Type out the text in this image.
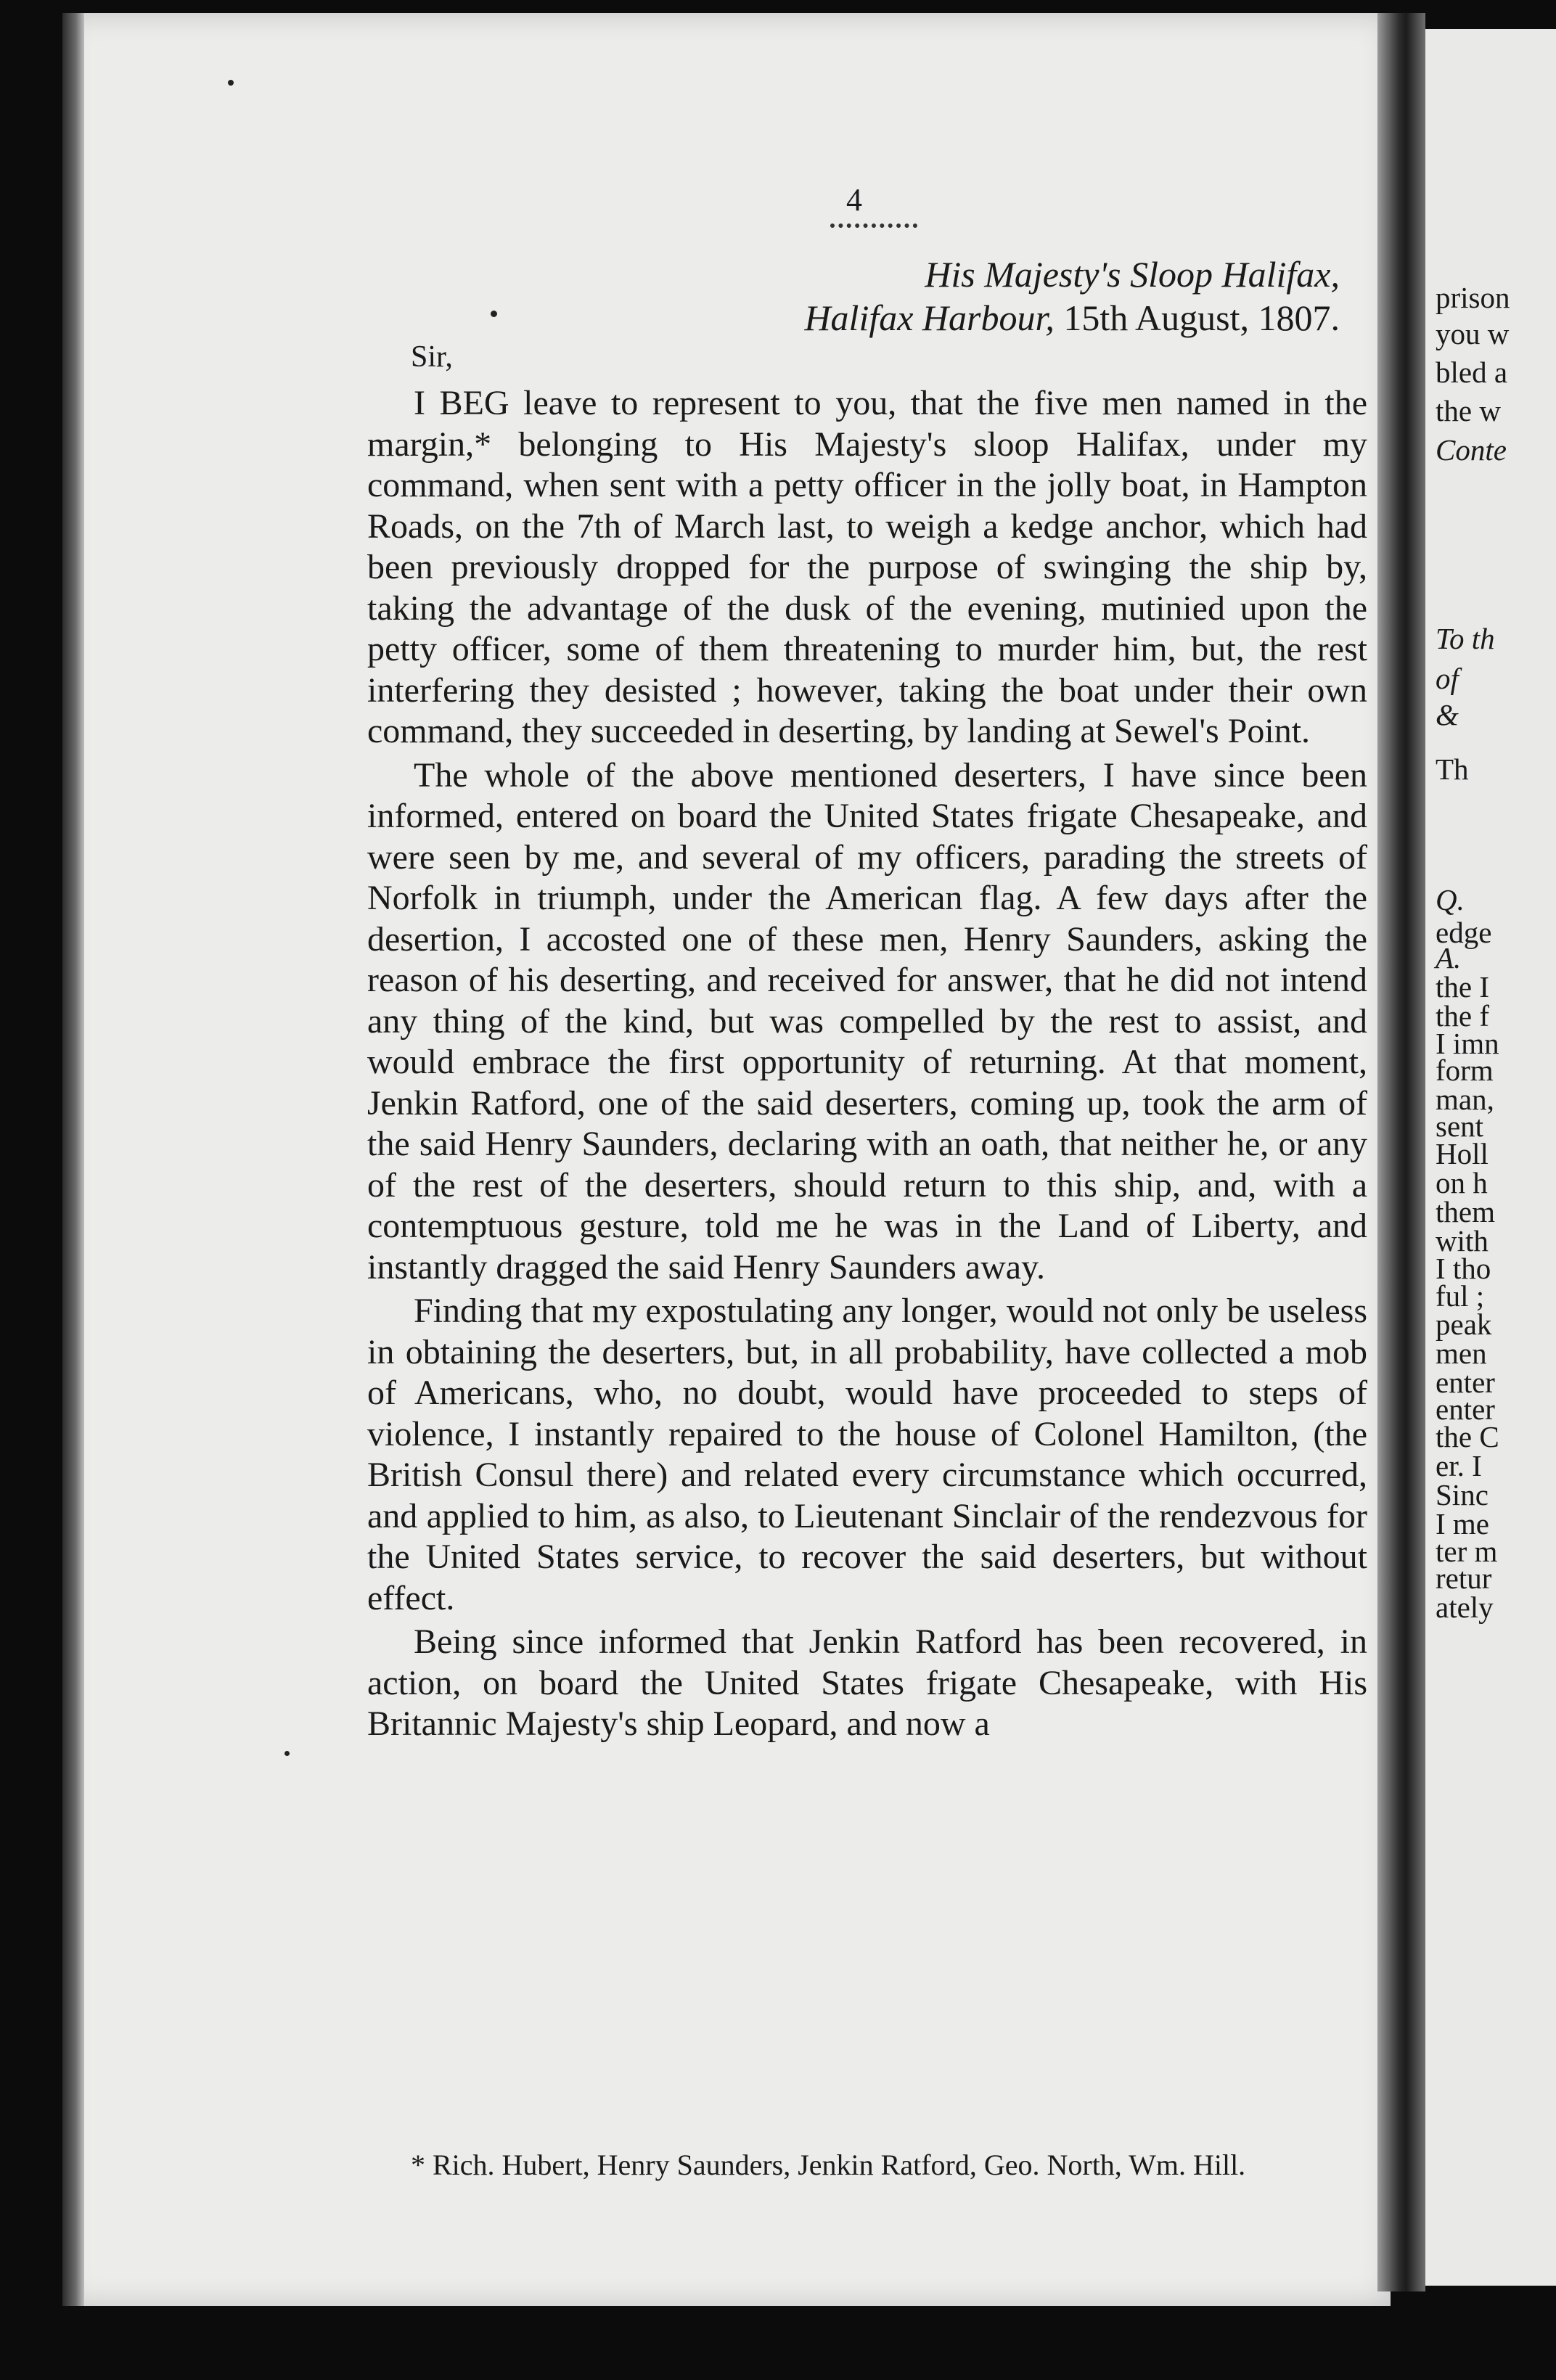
4
His Majesty's Sloop Halifax,
Halifax Harbour, 15th August, 1807.
Sir,

I BEG leave to represent to you, that the five men named in the margin,* belonging to His Majesty's sloop Halifax, under my command, when sent with a petty officer in the jolly boat, in Hampton Roads, on the 7th of March last, to weigh a kedge anchor, which had been previously dropped for the purpose of swinging the ship by, taking the advantage of the dusk of the evening, mutinied upon the petty officer, some of them threatening to murder him, but, the rest interfering they desisted ; however, taking the boat under their own command, they succeeded in deserting, by landing at Sewel's Point.

The whole of the above mentioned deserters, I have since been informed, entered on board the United States frigate Chesapeake, and were seen by me, and several of my officers, parading the streets of Norfolk in triumph, under the American flag. A few days after the desertion, I accosted one of these men, Henry Saunders, asking the reason of his deserting, and received for answer, that he did not intend any thing of the kind, but was compelled by the rest to assist, and would embrace the first opportunity of returning. At that moment, Jenkin Ratford, one of the said deserters, coming up, took the arm of the said Henry Saunders, declaring with an oath, that neither he, or any of the rest of the deserters, should return to this ship, and, with a contemptuous gesture, told me he was in the Land of Liberty, and instantly dragged the said Henry Saunders away.

Finding that my expostulating any longer, would not only be useless in obtaining the deserters, but, in all probability, have collected a mob of Americans, who, no doubt, would have proceeded to steps of violence, I instantly repaired to the house of Colonel Hamilton, (the British Consul there) and related every circumstance which occurred, and applied to him, as also, to Lieutenant Sinclair of the rendezvous for the United States service, to recover the said deserters, but without effect.

Being since informed that Jenkin Ratford has been recovered, in action, on board the United States frigate Chesapeake, with His Britannic Majesty's ship Leopard, and now a

* Rich. Hubert, Henry Saunders, Jenkin Ratford, Geo. North, Wm. Hill.
prison
you w
bled a
the w
Conte
To th
of
&
Th
Q.
edge
A.
the I
the f
I imn
form
man,
sent
Holl
on h
them
with
I tho
ful ;
peak
men
enter
enter
the C
er. I
Sinc
I me
ter m
retur
ately
